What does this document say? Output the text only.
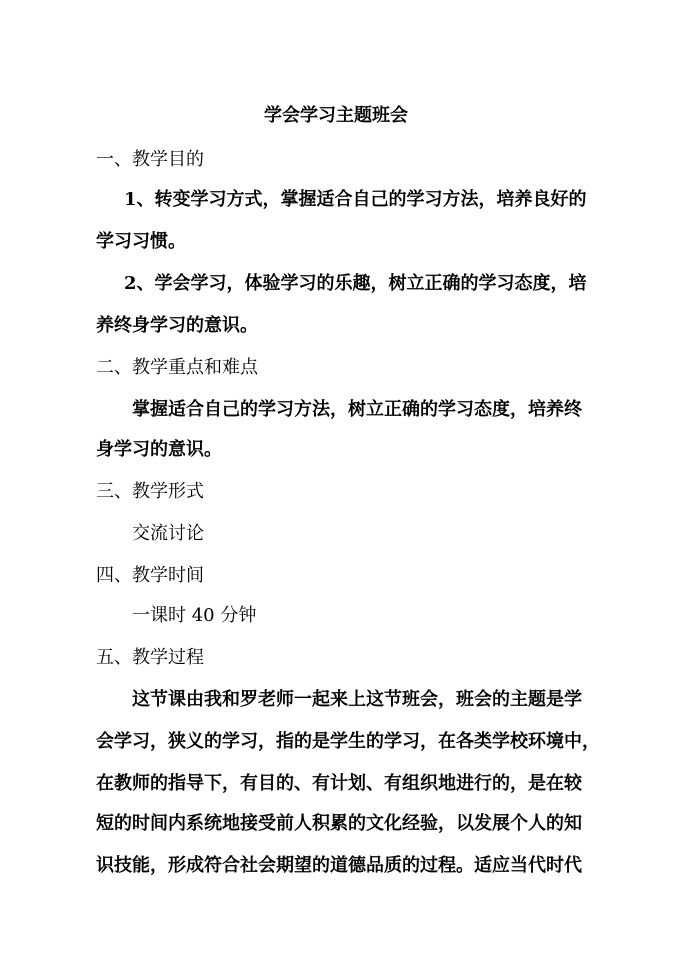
学会学习主题班会
一、教学目的
1、转变学习方式，掌握适合自己的学习方法，培养良好的
学习习惯。
2、学会学习，体验学习的乐趣，树立正确的学习态度，培
养终身学习的意识。
二、教学重点和难点
掌握适合自己的学习方法，树立正确的学习态度，培养终
身学习的意识。
三、教学形式
交流讨论
四、教学时间
一课时 40 分钟
五、教学过程
这节课由我和罗老师一起来上这节班会，班会的主题是学
会学习，狭义的学习，指的是学生的学习，在各类学校环境中，
在教师的指导下，有目的、有计划、有组织地进行的，是在较
短的时间内系统地接受前人积累的文化经验，以发展个人的知
识技能，形成符合社会期望的道德品质的过程。适应当代时代
